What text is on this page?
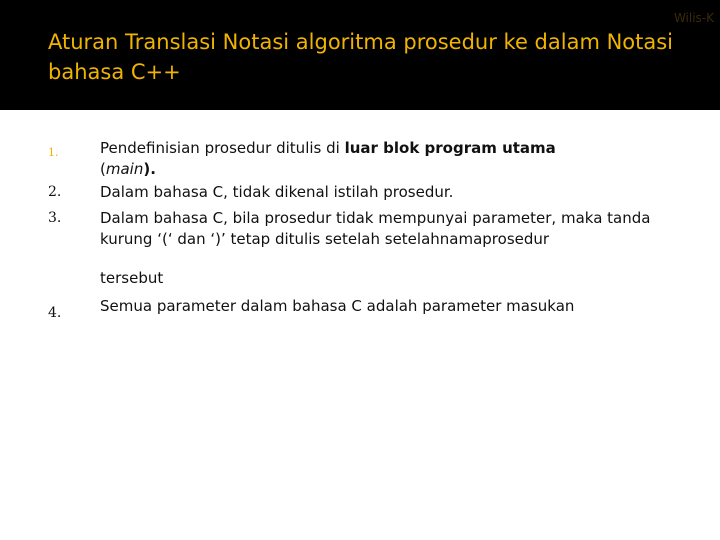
Wilis-K
Aturan Translasi Notasi algoritma prosedur ke dalam Notasi
bahasa C++
1.	Pendefinisian prosedur ditulis di luar blok program utama
(main).
2.	Dalam bahasa C, tidak dikenal istilah prosedur.
3.	Dalam bahasa C, bila prosedur tidak mempunyai parameter, maka tanda kurung ‘(‘ dan ‘)’ tetap ditulis setelah setelahnamaprosedur
tersebut
4.	Semua parameter dalam bahasa C adalah parameter masukan
